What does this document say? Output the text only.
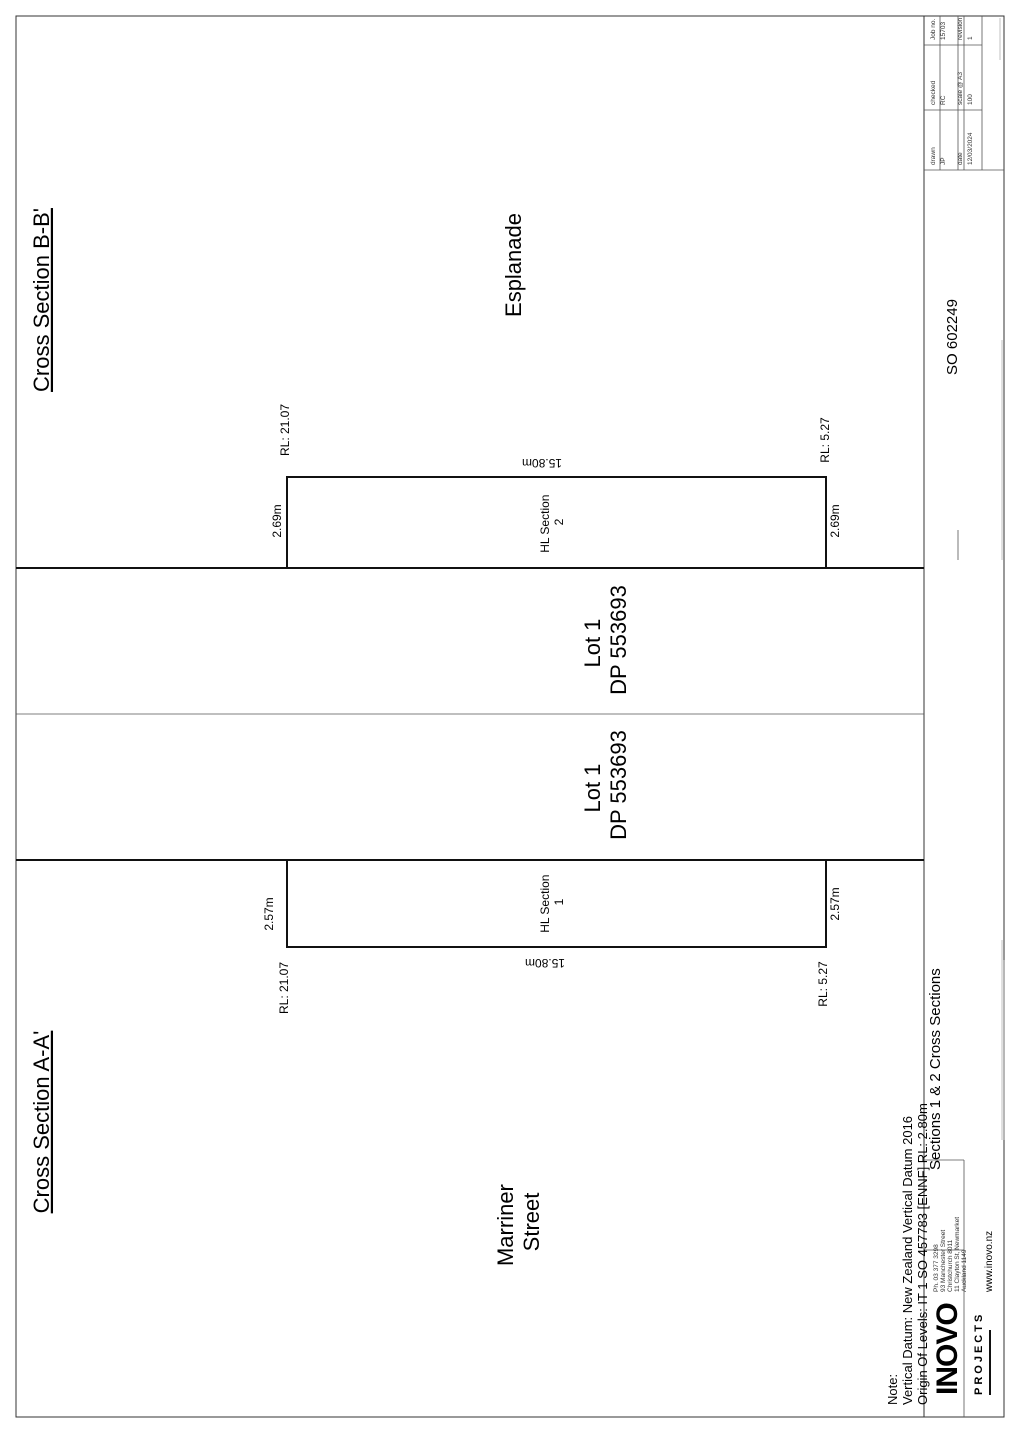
Cross Section B-B'	Esplanade
RL: 21.07	RL: 5.27
15.80m
2.69m	2.69m
HL Section 2
Lot 1 DP 553693
Lot 1 DP 553693
HL Section 1
2.57m	2.57m
15.80m
RL: 21.07	RL: 5.27
Cross Section A-A'
Marriner Street
Note: Vertical Datum: New Zealand Vertical Datum 2016 Origin Of Levels: IT 1 SO 457783 [ENNF] RL: 2.80m INOVO PROJECTS
Ph. 03 377 3298 93 Manchester Street Christchurch 8011 11 Clayton St, Newmarket Auckland 1149 www.inovo.nz
Sections 1 & 2 Cross Sections
SO 602249
drawn JP
checked RC
Job no. 15703
date 12/03/2024
scale @ A3 100
revision 1
